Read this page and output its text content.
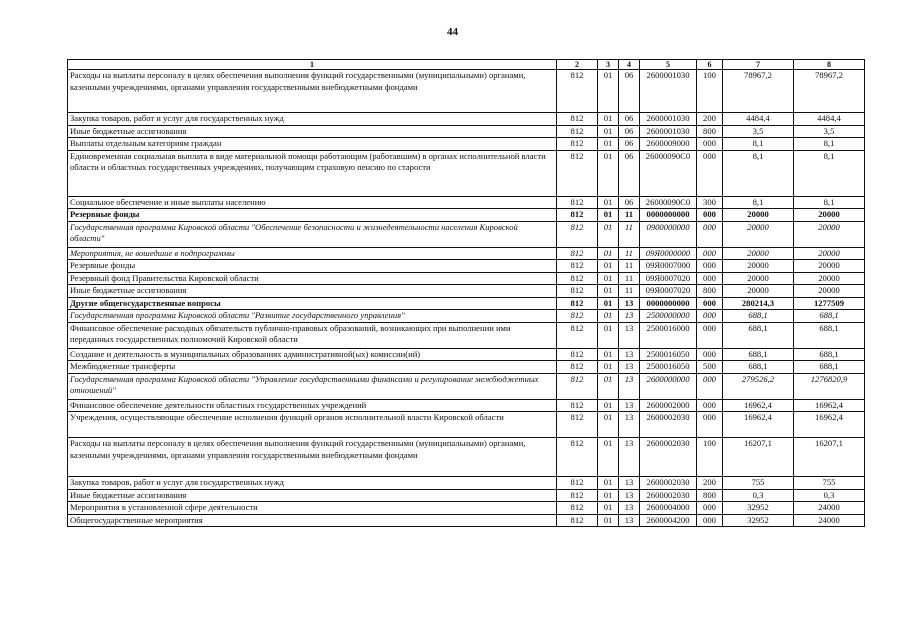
44
1	2	3	4	5	6	7	8
Расходы на выплаты персоналу в целях обеспечения выполнения функций государственными (муниципальными) органами, казенными учреждениями, органами управления государственными внебюджетными фондами	812	01	06	2600001030	100	78967,2	78967,2
Закупка товаров, работ и услуг для государственных нужд	812	01	06	2600001030	200	4484,4	4484,4
Иные бюджетные ассигнования	812	01	06	2600001030	800	3,5	3,5
Выплаты отдельным категориям граждан	812	01	06	2600009000	000	8,1	8,1
Единовременная социальная выплата в виде материальной помощи работающим (работавшим) в органах исполнительной власти области и областных государственных учреждениях, получающим страховую пенсию по старости	812	01	06	26000090С0	000	8,1	8,1
Социальное обеспечение и иные выплаты населению	812	01	06	26000090С0	300	8,1	8,1
Резервные фонды	812	01	11	0000000000	000	20000	20000
Государственная программа Кировской области "Обеспечение безопасности и жизнедеятельности населения Кировской области"	812	01	11	0900000000	000	20000	20000
Мероприятия, не вошедшие в подпрограммы	812	01	11	09Я0000000	000	20000	20000
Резервные фонды	812	01	11	09Я0007000	000	20000	20000
Резервный фонд Правительства Кировской области	812	01	11	09Я0007020	000	20000	20000
Иные бюджетные ассигнования	812	01	11	09Я0007020	800	20000	20000
Другие общегосударственные вопросы	812	01	13	0000000000	000	280214,3	1277509
Государственная программа Кировской области "Развитие государственного управления"	812	01	13	2500000000	000	688,1	688,1
Финансовое обеспечение расходных обязательств публично-правовых образований, возникающих при выполнении ими переданных государственных полномочий Кировской области	812	01	13	2500016000	000	688,1	688,1
Создание и деятельность в муниципальных образованиях административной(ых) комиссии(ий)	812	01	13	2500016050	000	688,1	688,1
Межбюджетные трансферты	812	01	13	2500016050	500	688,1	688,1
Государственная программа Кировской области "Управление государственными финансами и регулирование межбюджетных отношений"	812	01	13	2600000000	000	279526,2	1276820,9
Финансовое обеспечение деятельности областных государственных учреждений	812	01	13	2600002000	000	16962,4	16962,4
Учреждения, осуществляющие обеспечение исполнения функций органов исполнительной власти Кировской области	812	01	13	2600002030	000	16962,4	16962,4
Расходы на выплаты персоналу в целях обеспечения выполнения функций государственными (муниципальными) органами, казенными учреждениями, органами управления государственными внебюджетными фондами	812	01	13	2600002030	100	16207,1	16207,1
Закупка товаров, работ и услуг для государственных нужд	812	01	13	2600002030	200	755	755
Иные бюджетные ассигнования	812	01	13	2600002030	800	0,3	0,3
Мероприятия в установленной сфере деятельности	812	01	13	2600004000	000	32952	24000
Общегосударственные мероприятия	812	01	13	2600004200	000	32952	24000
